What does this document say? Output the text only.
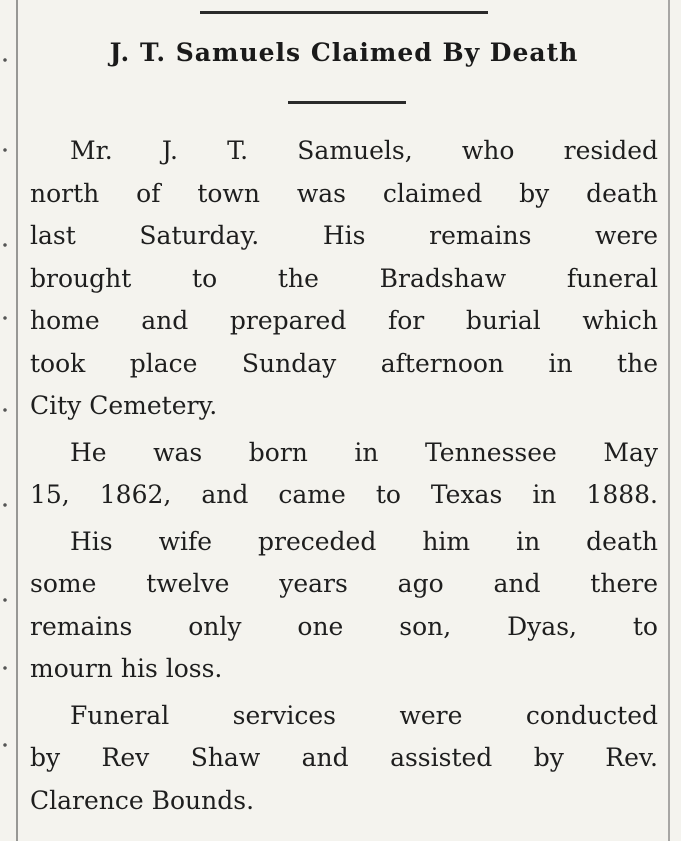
J. T. Samuels Claimed By Death
Mr. J. T. Samuels, who resided
north of town was claimed by death
last Saturday. His remains were
brought to the Bradshaw funeral
home and prepared for burial which
took place Sunday afternoon in the
City Cemetery.
He was born in Tennessee May
15, 1862, and came to Texas in 1888.
His wife preceded him in death
some twelve years ago and there
remains only one son, Dyas, to
mourn his loss.
Funeral services were conducted
by Rev Shaw and assisted by Rev.
Clarence Bounds.
